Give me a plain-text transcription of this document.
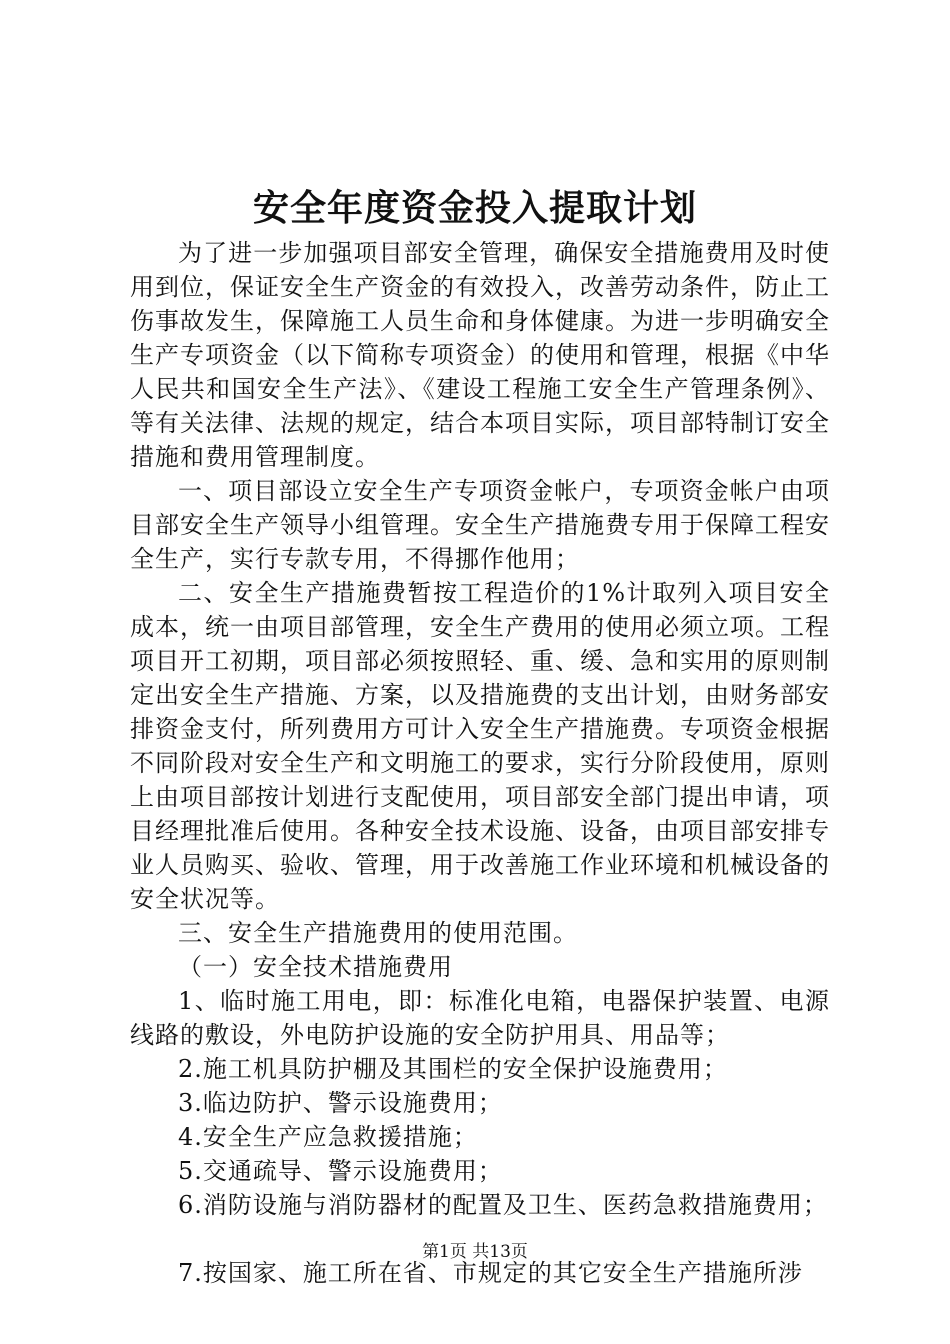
安全年度资金投入提取计划

为了进一步加强项目部安全管理，确保安全措施费用及时使用到位，保证安全生产资金的有效投入，改善劳动条件，防止工伤事故发生，保障施工人员生命和身体健康。为进一步明确安全生产专项资金（以下简称专项资金）的使用和管理，根据《中华人民共和国安全生产法》、《建设工程施工安全生产管理条例》、等有关法律、法规的规定，结合本项目实际，项目部特制订安全措施和费用管理制度。

一、项目部设立安全生产专项资金帐户，专项资金帐户由项目部安全生产领导小组管理。安全生产措施费专用于保障工程安全生产，实行专款专用，不得挪作他用；

二、安全生产措施费暂按工程造价的1%计取列入项目安全成本，统一由项目部管理，安全生产费用的使用必须立项。工程项目开工初期，项目部必须按照轻、重、缓、急和实用的原则制定出安全生产措施、方案，以及措施费的支出计划，由财务部安排资金支付，所列费用方可计入安全生产措施费。专项资金根据不同阶段对安全生产和文明施工的要求，实行分阶段使用，原则上由项目部按计划进行支配使用，项目部安全部门提出申请，项目经理批准后使用。各种安全技术设施、设备，由项目部安排专业人员购买、验收、管理，用于改善施工作业环境和机械设备的安全状况等。

三、安全生产措施费用的使用范围。

（一）安全技术措施费用

1、临时施工用电，即：标准化电箱，电器保护装置、电源线路的敷设，外电防护设施的安全防护用具、用品等；

2.施工机具防护棚及其围栏的安全保护设施费用；

3.临边防护、警示设施费用；

4.安全生产应急救援措施；

5.交通疏导、警示设施费用；

6.消防设施与消防器材的配置及卫生、医药急救措施费用；

7.按国家、施工所在省、市规定的其它安全生产措施所涉

第1页 共13页
